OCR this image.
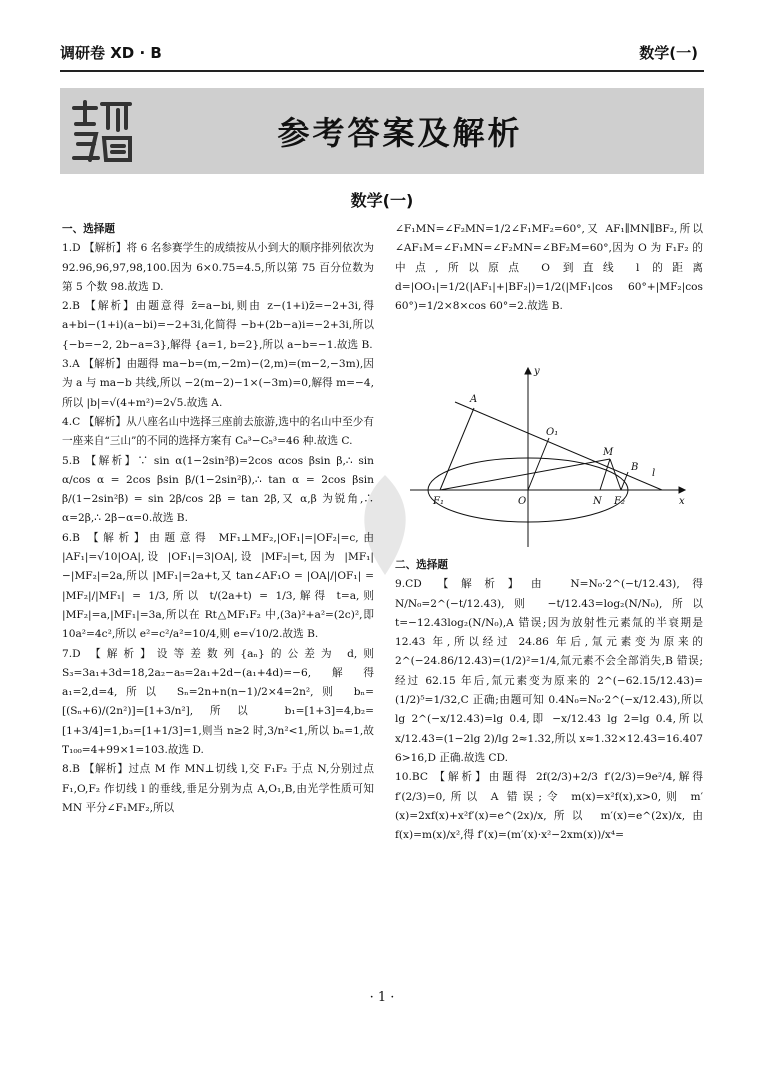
调研卷 XD · B	数学(一)
参考答案及解析
数学(一)

一、选择题

1.D 【解析】将 6 名参赛学生的成绩按从小到大的顺序排列依次为 92.96,96,97,98,100.因为 6×0.75=4.5,所以第 75 百分位数为第 5 个数 98.故选 D.

2.B 【解析】由题意得 z̄=a−bi,则由 z−(1+i)z̄=−2+3i,得 a+bi−(1+i)(a−bi)=−2+3i,化简得 −b+(2b−a)i=−2+3i,所以 {−b=−2, 2b−a=3},解得 {a=1, b=2},所以 a−b=−1.故选 B.

3.A 【解析】由题得 ma−b=(m,−2m)−(2,m)=(m−2,−3m),因为 a 与 ma−b 共线,所以 −2(m−2)−1×(−3m)=0,解得 m=−4,所以 |b|=√(4+m²)=2√5.故选 A.

4.C 【解析】从八座名山中选择三座前去旅游,选中的名山中至少有一座来自“三山”的不同的选择方案有 C₈³−C₅³=46 种.故选 C.

5.B 【解析】∵ sin α(1−2sin²β)=2cos αcos βsin β,∴ sin α/cos α = 2cos βsin β/(1−2sin²β),∴ tan α = 2cos βsin β/(1−2sin²β) = sin 2β/cos 2β = tan 2β,又 α,β 为锐角,∴ α=2β,∴ 2β−α=0.故选 B.

6.B 【解析】由题意得 MF₁⊥MF₂,|OF₁|=|OF₂|=c,由 |AF₁|=√10|OA|,设 |OF₁|=3|OA|,设 |MF₂|=t,因为 |MF₁|−|MF₂|=2a,所以 |MF₁|=2a+t,又 tan∠AF₁O = |OA|/|OF₁| = |MF₂|/|MF₁| = 1/3,所以 t/(2a+t) = 1/3,解得 t=a,则 |MF₂|=a,|MF₁|=3a,所以在 Rt△MF₁F₂ 中,(3a)²+a²=(2c)²,即 10a²=4c²,所以 e²=c²/a²=10/4,则 e=√10/2.故选 B.

7.D 【解析】设等差数列{aₙ}的公差为 d,则 S₃=3a₁+3d=18,2a₂−a₅=2a₁+2d−(a₁+4d)=−6,解得 a₁=2,d=4,所以 Sₙ=2n+n(n−1)/2×4=2n²,则 bₙ=[(Sₙ+6)/(2n²)]=[1+3/n²],所以 b₁=[1+3]=4,b₂=[1+3/4]=1,b₃=[1+1/3]=1,则当 n≥2 时,3/n²<1,所以 bₙ=1,故 T₁₀₀=4+99×1=103.故选 D.

8.B 【解析】过点 M 作 MN⊥切线 l,交 F₁F₂ 于点 N,分别过点 F₁,O,F₂ 作切线 l 的垂线,垂足分别为点 A,O₁,B,由光学性质可知 MN 平分∠F₁MF₂,所以

∠F₁MN=∠F₂MN=1/2∠F₁MF₂=60°,又 AF₁∥MN∥BF₂,所以 ∠AF₁M=∠F₁MN=∠F₂MN=∠BF₂M=60°,因为 O 为 F₁F₂ 的中点,所以原点 O 到直线 l 的距离 d=|OO₁|=1/2(|AF₁|+|BF₂|)=1/2(|MF₁|cos 60°+|MF₂|cos 60°)=1/2×8×cos 60°=2.故选 B.

y
x
A
O₁
M
B
l
F₁	O	N F₂

二、选择题

9.CD 【解析】由 N=N₀·2^(−t/12.43),得 N/N₀=2^(−t/12.43),则 −t/12.43=log₂(N/N₀),所以 t=−12.43log₂(N/N₀),A 错误;因为放射性元素氚的半衰期是 12.43 年,所以经过 24.86 年后,氚元素变为原来的 2^(−24.86/12.43)=(1/2)²=1/4,氚元素不会全部消失,B 错误;经过 62.15 年后,氚元素变为原来的 2^(−62.15/12.43)=(1/2)⁵=1/32,C 正确;由题可知 0.4N₀=N₀·2^(−x/12.43),所以 lg 2^(−x/12.43)=lg 0.4,即 −x/12.43 lg 2=lg 0.4,所以 x/12.43=(1−2lg 2)/lg 2≈1.32,所以 x≈1.32×12.43=16.407 6>16,D 正确.故选 CD.

10.BC 【解析】由题得 2f(2/3)+2/3 f′(2/3)=9e²/4,解得 f′(2/3)=0,所以 A 错误;令 m(x)=x²f(x),x>0,则 m′(x)=2xf(x)+x²f′(x)=e^(2x)/x,所以 m′(x)=e^(2x)/x,由 f(x)=m(x)/x²,得 f′(x)=(m′(x)·x²−2xm(x))/x⁴=

· 1 ·
